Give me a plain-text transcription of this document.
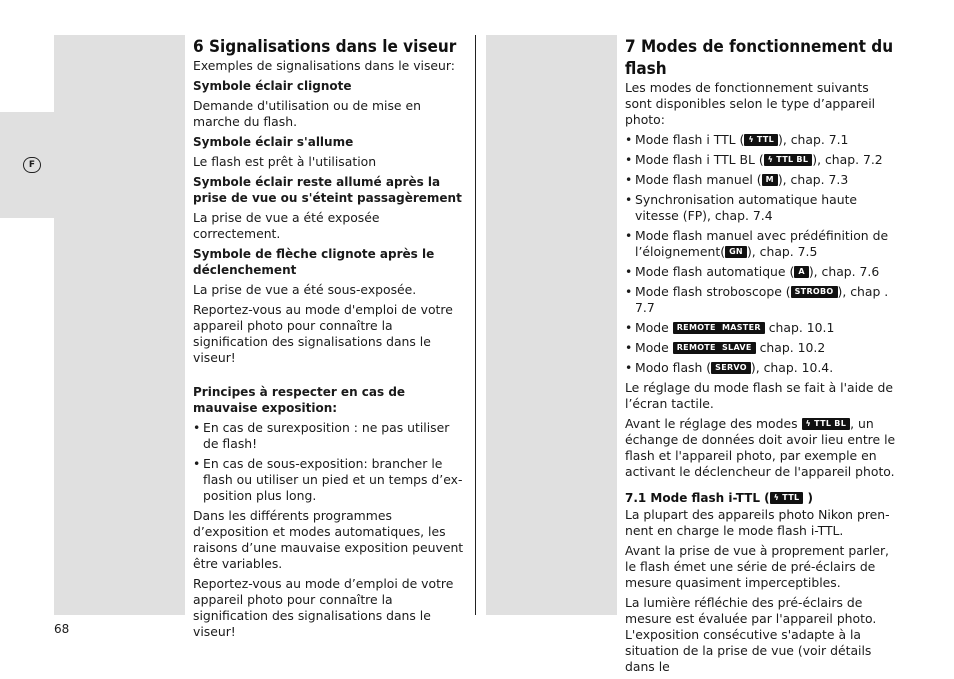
F
6 Signalisations dans le viseur

Exemples de signalisations dans le viseur:

Symbole éclair clignote

Demande d'utilisation ou de mise en marche du flash.

Symbole éclair s'allume

Le flash est prêt à l'utilisation

Symbole éclair reste allumé après la prise de vue ou s'éteint passagèrement

La prise de vue a été exposée correctement.

Symbole de flèche clignote après le déclenchement

La prise de vue a été sous-exposée.

Reportez-vous au mode d'emploi de votre appareil photo pour connaître la signification des signalisations dans le viseur!

Principes à respecter en cas de mauvaise exposition:

• En cas de surexposition : ne pas utiliser de flash!
• En cas de sous-exposition: brancher le flash ou utiliser un pied et un temps d’exposition plus long.

Dans les différents programmes d’exposition et modes automatiques, les raisons d’une mauvaise exposition peuvent être variables.

Reportez-vous au mode d’emploi de votre appareil photo pour connaître la signification des signalisations dans le viseur!

7 Modes de fonctionnement du flash

Les modes de fonctionnement suivants sont disponibles selon le type d’appareil photo:

• Mode flash i TTL ( ϟ TTL ), chap. 7.1
• Mode flash i TTL BL ( ϟ TTL BL ), chap. 7.2
• Mode flash manuel ( M ), chap. 7.3
• Synchronisation automatique haute vitesse (FP), chap. 7.4
• Mode flash manuel avec prédéfinition de l’éloignement( GN ), chap. 7.5
• Mode flash automatique ( A ), chap. 7.6
• Mode flash stroboscope ( STROBO ), chap . 7.7
• Mode REMOTE  MASTER chap. 10.1
• Mode REMOTE  SLAVE chap. 10.2
• Modo flash ( SERVO ), chap. 10.4.

Le réglage du mode flash se fait à l'aide de l’écran tactile.

Avant le réglage des modes ϟ TTL BL , un échange de données doit avoir lieu entre le flash et l'appareil photo, par exemple en activant le déclencheur de l'appareil photo.

7.1 Mode flash i-TTL ( ϟ TTL )

La plupart des appareils photo Nikon prennent en charge le mode flash i-TTL.

Avant la prise de vue à proprement parler, le flash émet une série de pré-éclairs de mesure quasiment imperceptibles.

La lumière réfléchie des pré-éclairs de mesure est évaluée par l'appareil photo. L'exposition consécutive s'adapte à la situation de la prise de vue (voir détails dans le

68
